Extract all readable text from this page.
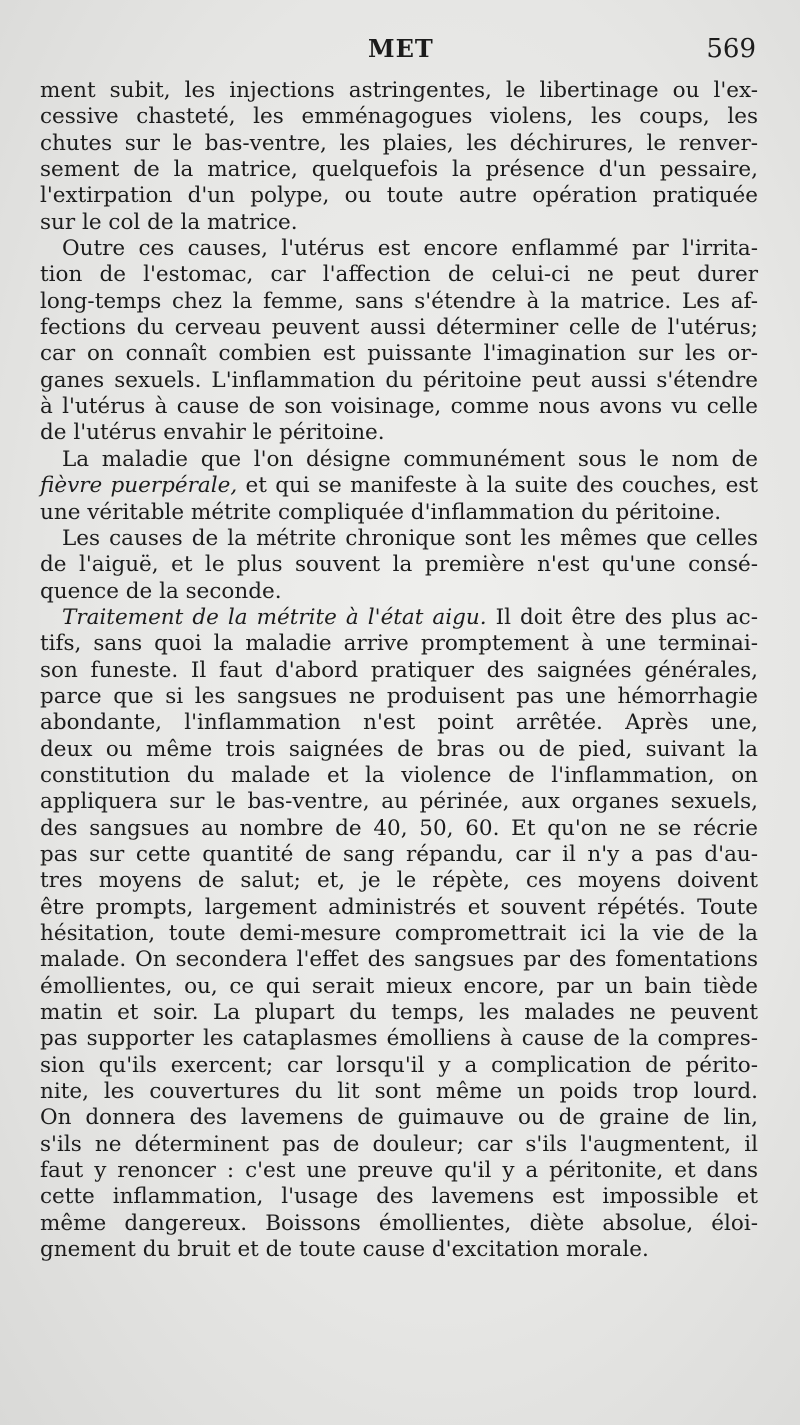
MET	569
ment subit, les injections astringentes, le libertinage ou l'ex-
cessive chasteté, les emménagogues violens, les coups, les
chutes sur le bas-ventre, les plaies, les déchirures, le renver-
sement de la matrice, quelquefois la présence d'un pessaire,
l'extirpation d'un polype, ou toute autre opération pratiquée
sur le col de la matrice.
Outre ces causes, l'utérus est encore enflammé par l'irrita-
tion de l'estomac, car l'affection de celui-ci ne peut durer
long-temps chez la femme, sans s'étendre à la matrice. Les af-
fections du cerveau peuvent aussi déterminer celle de l'utérus;
car on connaît combien est puissante l'imagination sur les or-
ganes sexuels. L'inflammation du péritoine peut aussi s'étendre
à l'utérus à cause de son voisinage, comme nous avons vu celle
de l'utérus envahir le péritoine.
La maladie que l'on désigne communément sous le nom de
fièvre puerpérale, et qui se manifeste à la suite des couches, est
une véritable métrite compliquée d'inflammation du péritoine.
Les causes de la métrite chronique sont les mêmes que celles
de l'aiguë, et le plus souvent la première n'est qu'une consé-
quence de la seconde.
Traitement de la métrite à l'état aigu. Il doit être des plus ac-
tifs, sans quoi la maladie arrive promptement à une terminai-
son funeste. Il faut d'abord pratiquer des saignées générales,
parce que si les sangsues ne produisent pas une hémorrhagie
abondante, l'inflammation n'est point arrêtée. Après une,
deux ou même trois saignées de bras ou de pied, suivant la
constitution du malade et la violence de l'inflammation, on
appliquera sur le bas-ventre, au périnée, aux organes sexuels,
des sangsues au nombre de 40, 50, 60. Et qu'on ne se récrie
pas sur cette quantité de sang répandu, car il n'y a pas d'au-
tres moyens de salut; et, je le répète, ces moyens doivent
être prompts, largement administrés et souvent répétés. Toute
hésitation, toute demi-mesure compromettrait ici la vie de la
malade. On secondera l'effet des sangsues par des fomentations
émollientes, ou, ce qui serait mieux encore, par un bain tiède
matin et soir. La plupart du temps, les malades ne peuvent
pas supporter les cataplasmes émolliens à cause de la compres-
sion qu'ils exercent; car lorsqu'il y a complication de périto-
nite, les couvertures du lit sont même un poids trop lourd.
On donnera des lavemens de guimauve ou de graine de lin,
s'ils ne déterminent pas de douleur; car s'ils l'augmentent, il
faut y renoncer : c'est une preuve qu'il y a péritonite, et dans
cette inflammation, l'usage des lavemens est impossible et
même dangereux. Boissons émollientes, diète absolue, éloi-
gnement du bruit et de toute cause d'excitation morale.
